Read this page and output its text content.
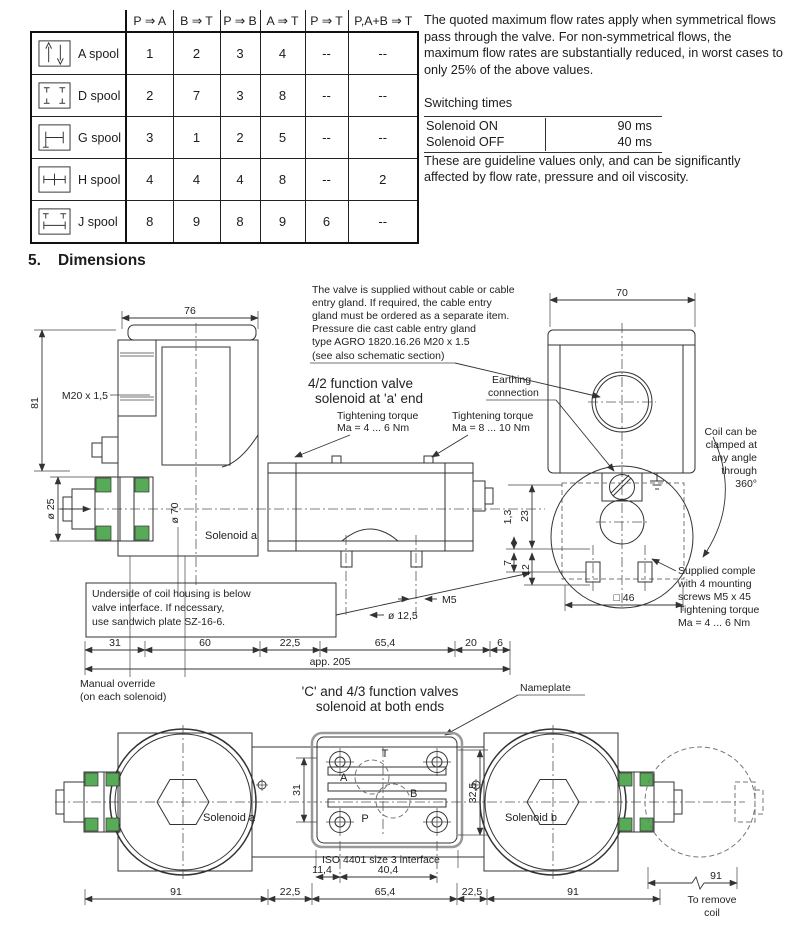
	P ⇒ A	B ⇒ T	P ⇒ B	A ⇒ T	P ⇒ T	P,A+B ⇒ T

A spool	1	2	3	4	--	--

D spool	2	7	3	8	--	--

G spool	3	1	2	5	--	--

H spool	4	4	4	8	--	2

J spool	8	9	8	9	6	--

The quoted maximum flow rates apply when symmetrical flows pass through the valve. For non-symmetrical flows, the maximum flow rates are substantially reduced, in worst cases to only 25% of the above values.

Switching times
Solenoid ON	90 ms
Solenoid OFF	40 ms

These are guideline values only, and can be significantly affected by flow rate, pressure and oil viscosity.

5. Dimensions
76
M20 x 1,5
81
ø 25	ø 70
Solenoid a
Underside of coil housing is below
valve interface. If necessary,
use sandwich plate SZ-16-6.
31	60	22,5	65,4	20 6
app. 205
Manual override
(on each solenoid)
The valve is supplied without cable or cable
entry gland. If required, the cable entry
gland must be ordered as a separate item.
Pressure die cast cable entry gland
type AGRO 1820.16.26 M20 x 1.5
(see also schematic section)
4/2 function valve
solenoid at 'a' end
Earthing
connection
Tightening torque
Ma = 4 ... 6 Nm
Tightening torque
Ma = 8 ... 10 Nm
M5
ø 12,5
70
23
1,3
7
12
□ 46
Coil can be
clamped at
any angle
through
360°
Supplied comple
with 4 mounting
screws M5 x 45
Tightening torque
Ma = 4 ... 6 Nm
'C' and 4/3 function valves
solenoid at both ends
Nameplate
Solenoid a	Solenoid b
T
A
B
P
31	32,5
ISO 4401 size 3 interface
11,4	40,4
91	22,5	65,4	22,5	91
91
To remove
coil
